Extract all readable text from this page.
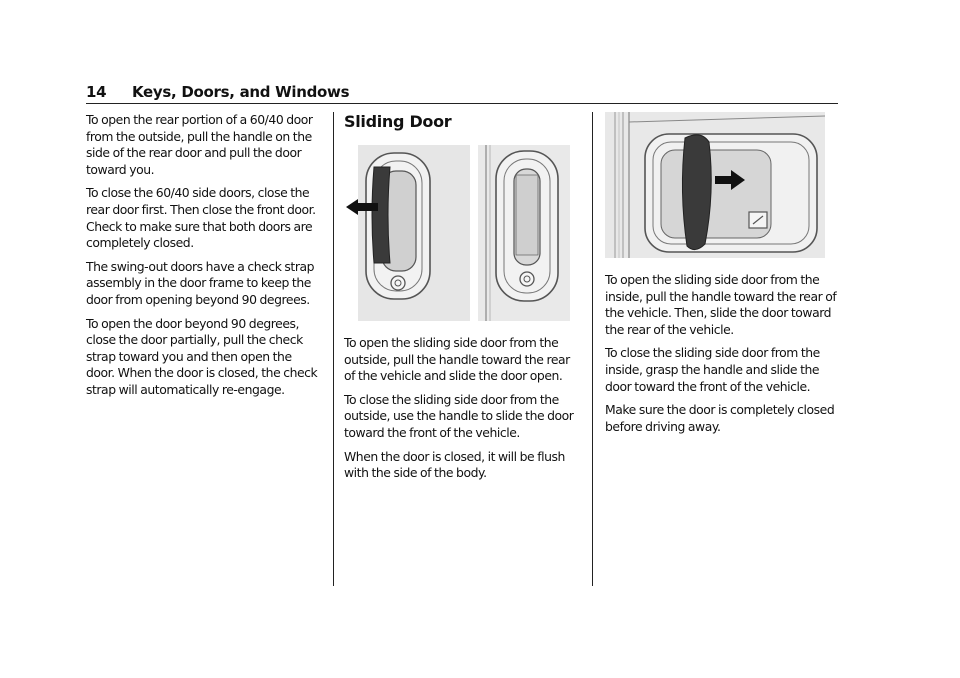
14 Keys, Doors, and Windows

To open the rear portion of a 60/40 door from the outside, pull the handle on the side of the rear door and pull the door toward you.

To close the 60/40 side doors, close the rear door first. Then close the front door. Check to make sure that both doors are completely closed.

The swing-out doors have a check strap assembly in the door frame to keep the door from opening beyond 90 degrees.

To open the door beyond 90 degrees, close the door partially, pull the check strap toward you and then open the door. When the door is closed, the check strap will automatically re-engage.

Sliding Door

To open the sliding side door from the outside, pull the handle toward the rear of the vehicle and slide the door open.

To close the sliding side door from the outside, use the handle to slide the door toward the front of the vehicle.

When the door is closed, it will be flush with the side of the body.

To open the sliding side door from the inside, pull the handle toward the rear of the vehicle. Then, slide the door toward the rear of the vehicle.

To close the sliding side door from the inside, grasp the handle and slide the door toward the front of the vehicle.

Make sure the door is completely closed before driving away.
